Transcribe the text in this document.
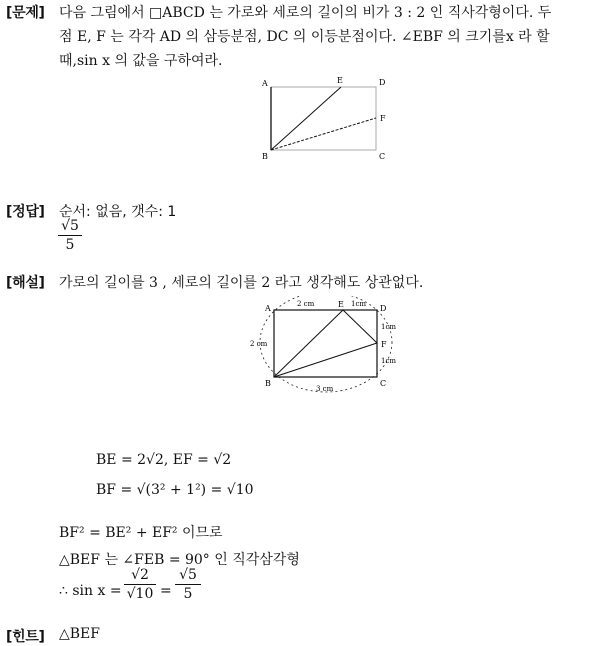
[문제] 다음 그림에서 □ABCD 는 가로와 세로의 길이의 비가 3 : 2 인 직사각형이다. 두
점 E, F 는 각각 AD 의 삼등분점, DC 의 이등분점이다. ∠EBF 의 크기를x 라 할
때,sin x 의 값을 구하여라.
A
B	C
D
E
F
[정답] 순서: 없음, 갯수: 1
√5
5
[해설] 가로의 길이를 3 , 세로의 길이를 2 라고 생각해도 상관없다.
A
B	C
D
E
F
2 cm	1cm
1cm
1cm
2 cm
3 cm
BE = 2√2, EF = √2
BF = √(3² + 1²) = √10
BF² = BE² + EF² 이므로
△BEF 는 ∠FEB = 90° 인 직각삼각형
∴ sin x =
√2
√10 =
√5
5
[힌트] △BEF
